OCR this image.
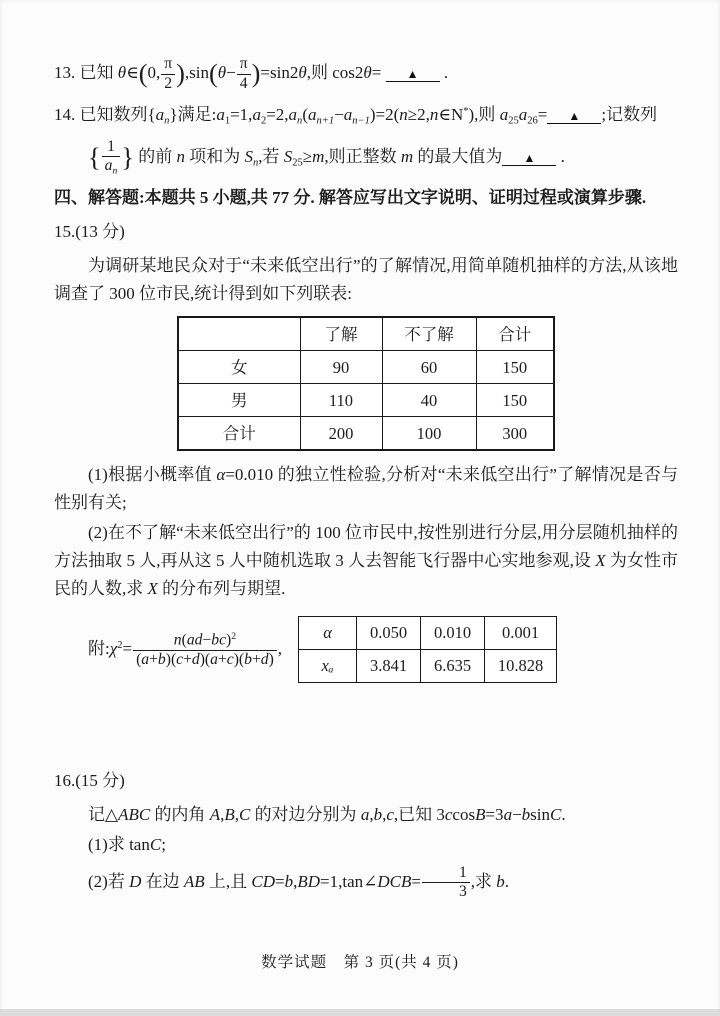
13. 已知 θ∈(0, $\frac{\pi}{2} ),\sin(\theta- \frac{\pi}{4} )=\sin 2\theta$,则 cos2θ= ▲ .
14. 已知数列$\{a_n\}$满足$:a_1=1,a_2=2,a_n(a_{n+1}-a_{n-1})=2(n\ge 2,n\in N^*)$,则 $a_{25}a_{26}=$ ▲ ;记数列
{ $\frac{1}{a_n}$ } 的前 n 项和为 $S_n$,若 $S_{25}\ge m$,则正整数 m 的最大值为 ▲ .
四、解答题:本题共 5 小题,共 77 分. 解答应写出文字说明、证明过程或演算步骤.
15.(13 分)
为调研某地民众对于“未来低空出行”的了解情况,用简单随机抽样的方法,从该地调查了 300 位市民,统计得到如下列联表:
	了解	不了解	合计
女	90	60	150
男	110	40	150
合计	200	100	300
(1)根据小概率值 α=0.010 的独立性检验,分析对“未来低空出行”了解情况是否与性别有关;
(2)在不了解“未来低空出行”的 100 位市民中,按性别进行分层,用分层随机抽样的方法抽取 5 人,再从这 5 人中随机选取 3 人去智能飞行器中心实地参观,设 X 为女性市民的人数,求 X 的分布列与期望.
附$:\chi^2= \frac{n(ad-bc)^2}{(a+b)(c+d)(a+c)(b+d)}$ ,
α	0.050	0.010	0.001
xₐ	3.841	6.635	10.828
16.(15 分)
记△ABC 的内角 A,B,C 的对边分别为 a,b,c,已知 3ccosB=3a−bsinC.
(1)求 tanC;
(2)若 D 在边 AB 上,且 CD=b,BD=1,tan∠DCB= $\frac{1}{3}$ ,求 b.
数学试题　第 3 页(共 4 页)
